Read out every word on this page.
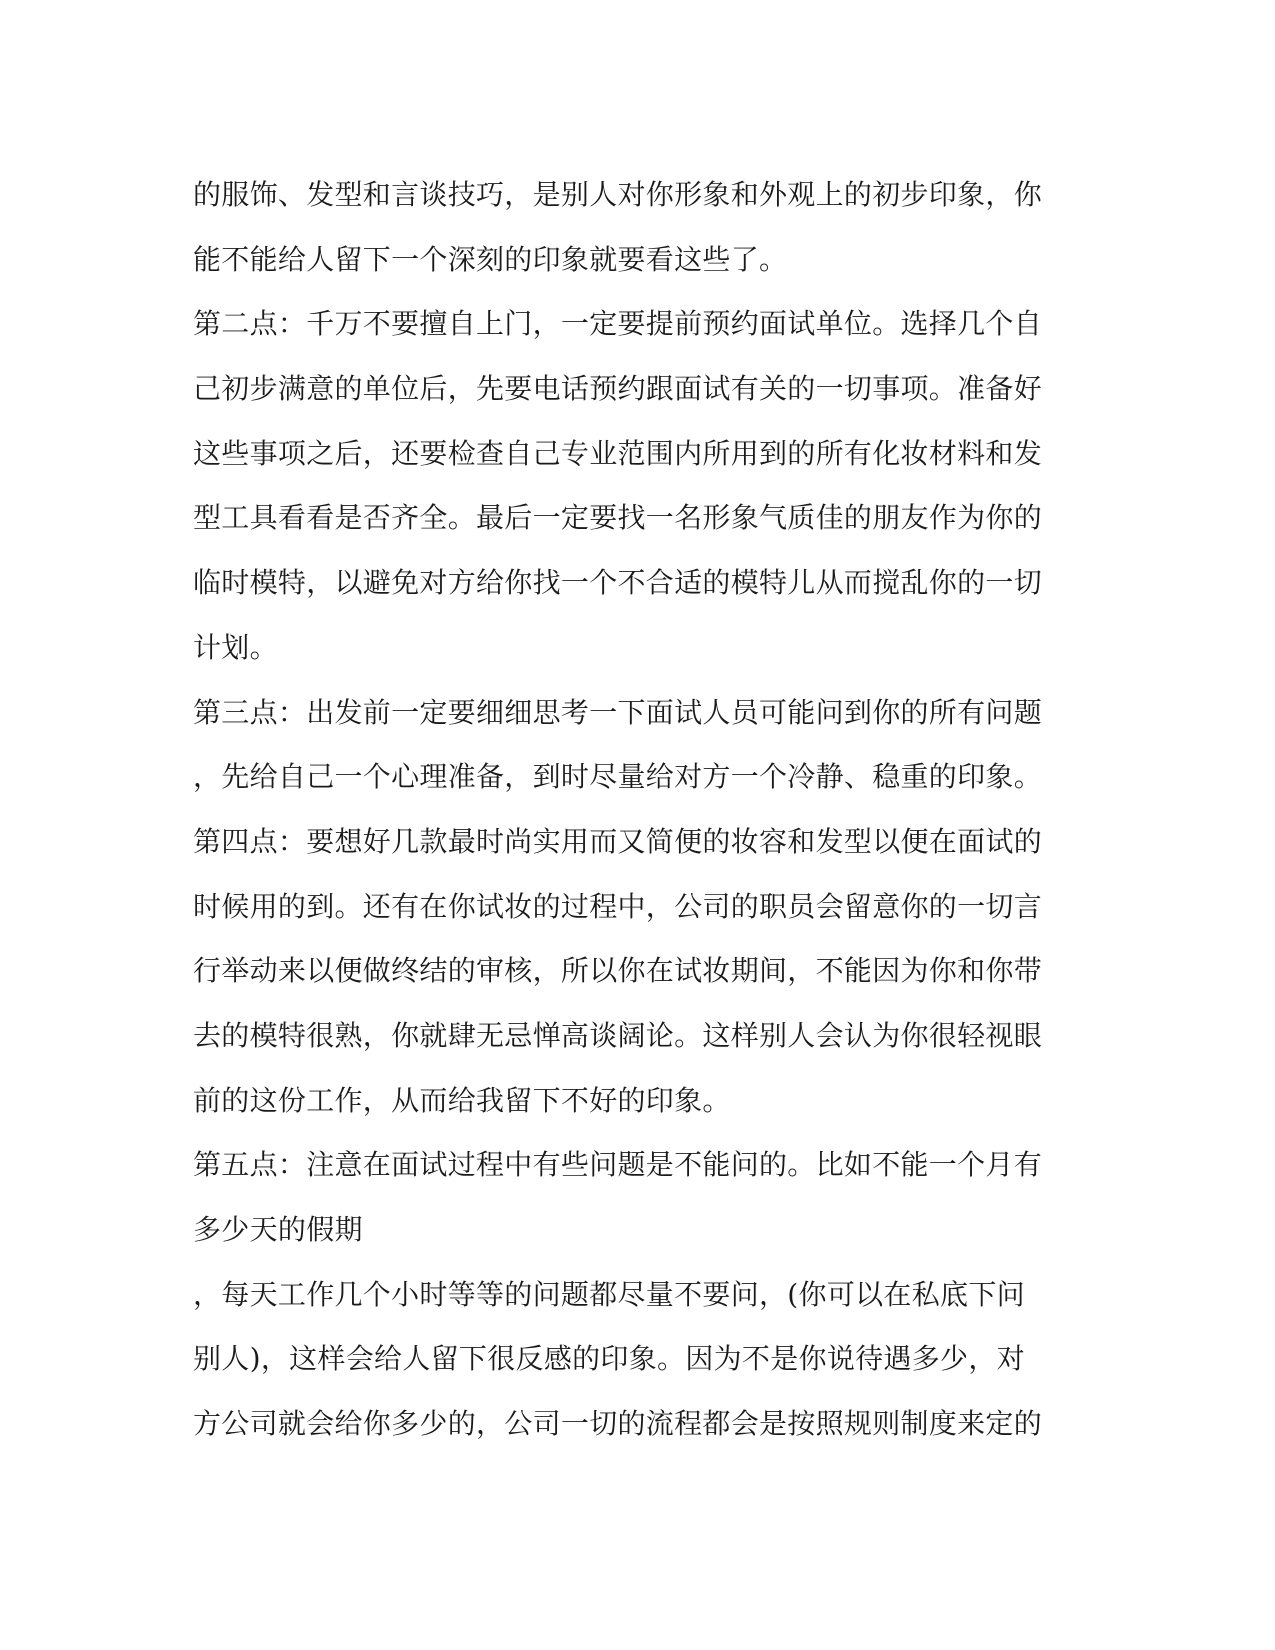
的服饰、发型和言谈技巧，是别人对你形象和外观上的初步印象，你
能不能给人留下一个深刻的印象就要看这些了。
第二点：千万不要擅自上门，一定要提前预约面试单位。选择几个自
己初步满意的单位后，先要电话预约跟面试有关的一切事项。准备好
这些事项之后，还要检查自己专业范围内所用到的所有化妆材料和发
型工具看看是否齐全。最后一定要找一名形象气质佳的朋友作为你的
临时模特，以避免对方给你找一个不合适的模特儿从而搅乱你的一切
计划。
第三点：出发前一定要细细思考一下面试人员可能问到你的所有问题
，先给自己一个心理准备，到时尽量给对方一个冷静、稳重的印象。
第四点：要想好几款最时尚实用而又简便的妆容和发型以便在面试的
时候用的到。还有在你试妆的过程中，公司的职员会留意你的一切言
行举动来以便做终结的审核，所以你在试妆期间，不能因为你和你带
去的模特很熟，你就肆无忌惮高谈阔论。这样别人会认为你很轻视眼
前的这份工作，从而给我留下不好的印象。
第五点：注意在面试过程中有些问题是不能问的。比如不能一个月有
多少天的假期
，每天工作几个小时等等的问题都尽量不要问，(你可以在私底下问
别人)，这样会给人留下很反感的印象。因为不是你说待遇多少，对
方公司就会给你多少的，公司一切的流程都会是按照规则制度来定的
